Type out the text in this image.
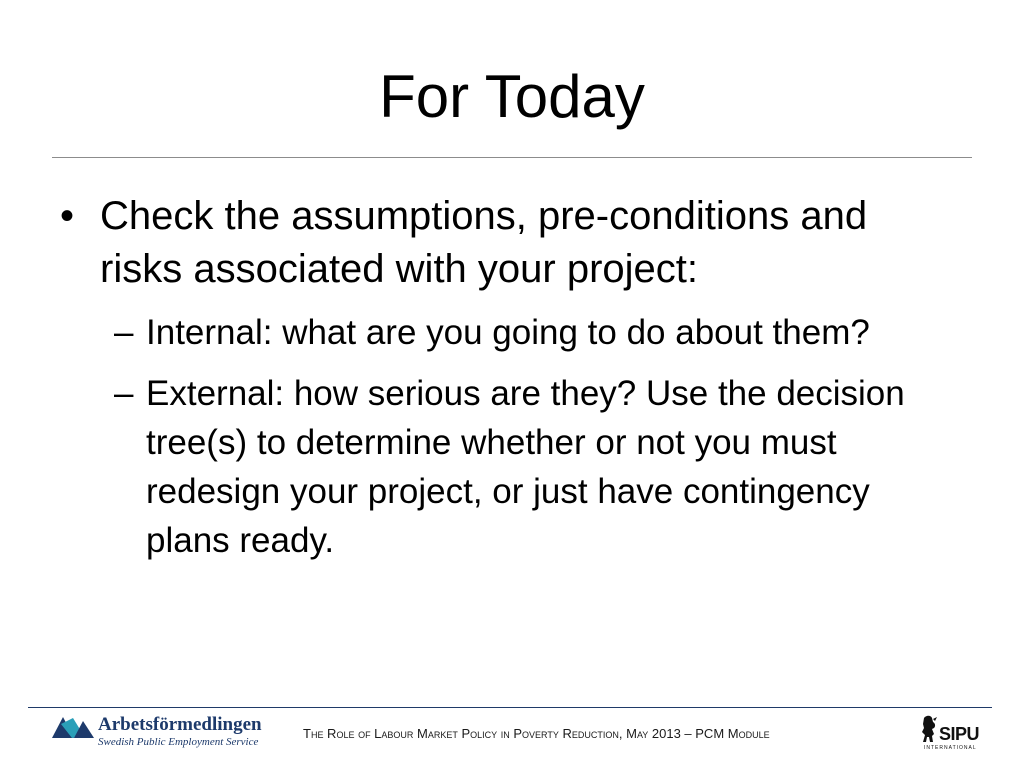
For Today
• Check the assumptions, pre-conditions and risks associated with your project:
– Internal: what are you going to do about them?
– External: how serious are they? Use the decision tree(s) to determine whether or not you must redesign your project, or just have contingency plans ready.
Arbetsförmedlingen
Swedish Public Employment Service
The Role of Labour Market Policy in Poverty Reduction, May 2013 – PCM Module	SIPU
INTERNATIONAL
